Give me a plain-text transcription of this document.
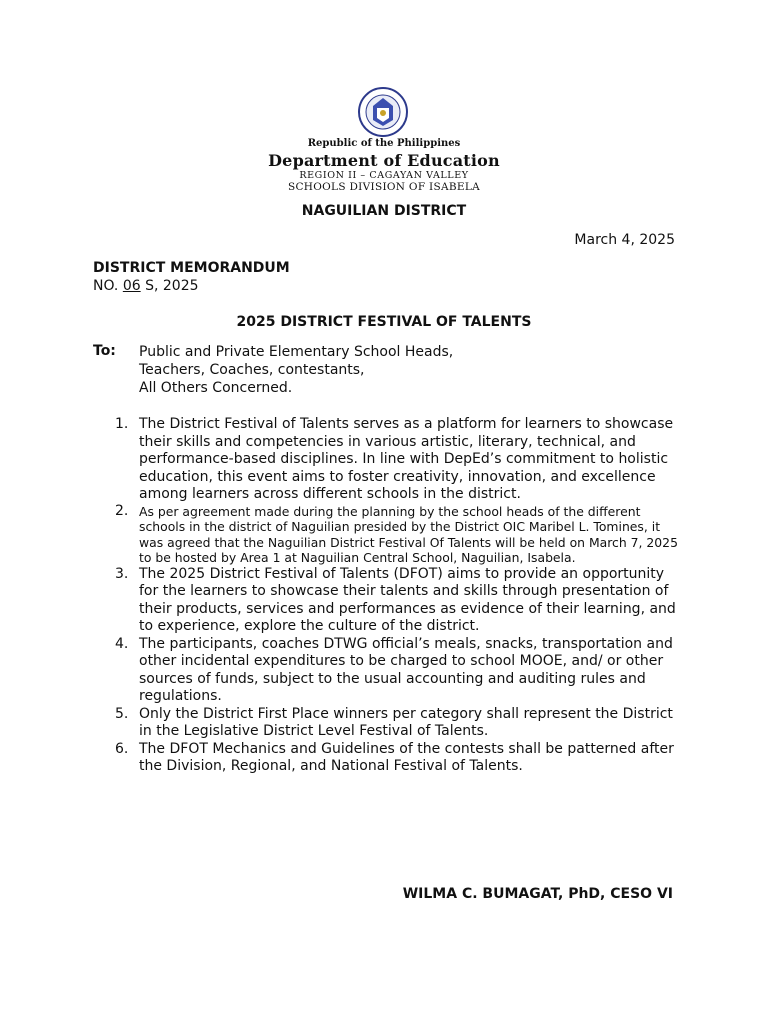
Republic of the Philippines
Department of Education
REGION II – CAGAYAN VALLEY
SCHOOLS DIVISION OF ISABELA
NAGUILIAN DISTRICT
March 4, 2025
DISTRICT MEMORANDUM
NO. 06 S, 2025
2025 DISTRICT FESTIVAL OF TALENTS
To: Public and Private Elementary School Heads,
Teachers, Coaches, contestants,
All Others Concerned.
1. The District Festival of Talents serves as a platform for learners to showcase their skills and competencies in various artistic, literary, technical, and performance-based disciplines. In line with DepEd’s commitment to holistic education, this event aims to foster creativity, innovation, and excellence among learners across different schools in the district.
2. As per agreement made during the planning by the school heads of the different schools in the district of Naguilian presided by the District OIC Maribel L. Tomines, it was agreed that the Naguilian District Festival Of Talents will be held on March 7, 2025 to be hosted by Area 1 at Naguilian Central School, Naguilian, Isabela.
3. The 2025 District Festival of Talents (DFOT) aims to provide an opportunity for the learners to showcase their talents and skills through presentation of their products, services and performances as evidence of their learning, and to experience, explore the culture of the district.
4. The participants, coaches DTWG official’s meals, snacks, transportation and other incidental expenditures to be charged to school MOOE, and/ or other sources of funds, subject to the usual accounting and auditing rules and regulations.
5. Only the District First Place winners per category shall represent the District in the Legislative District Level Festival of Talents.
6. The DFOT Mechanics and Guidelines of the contests shall be patterned after the Division, Regional, and National Festival of Talents.
WILMA C. BUMAGAT, PhD, CESO VI
